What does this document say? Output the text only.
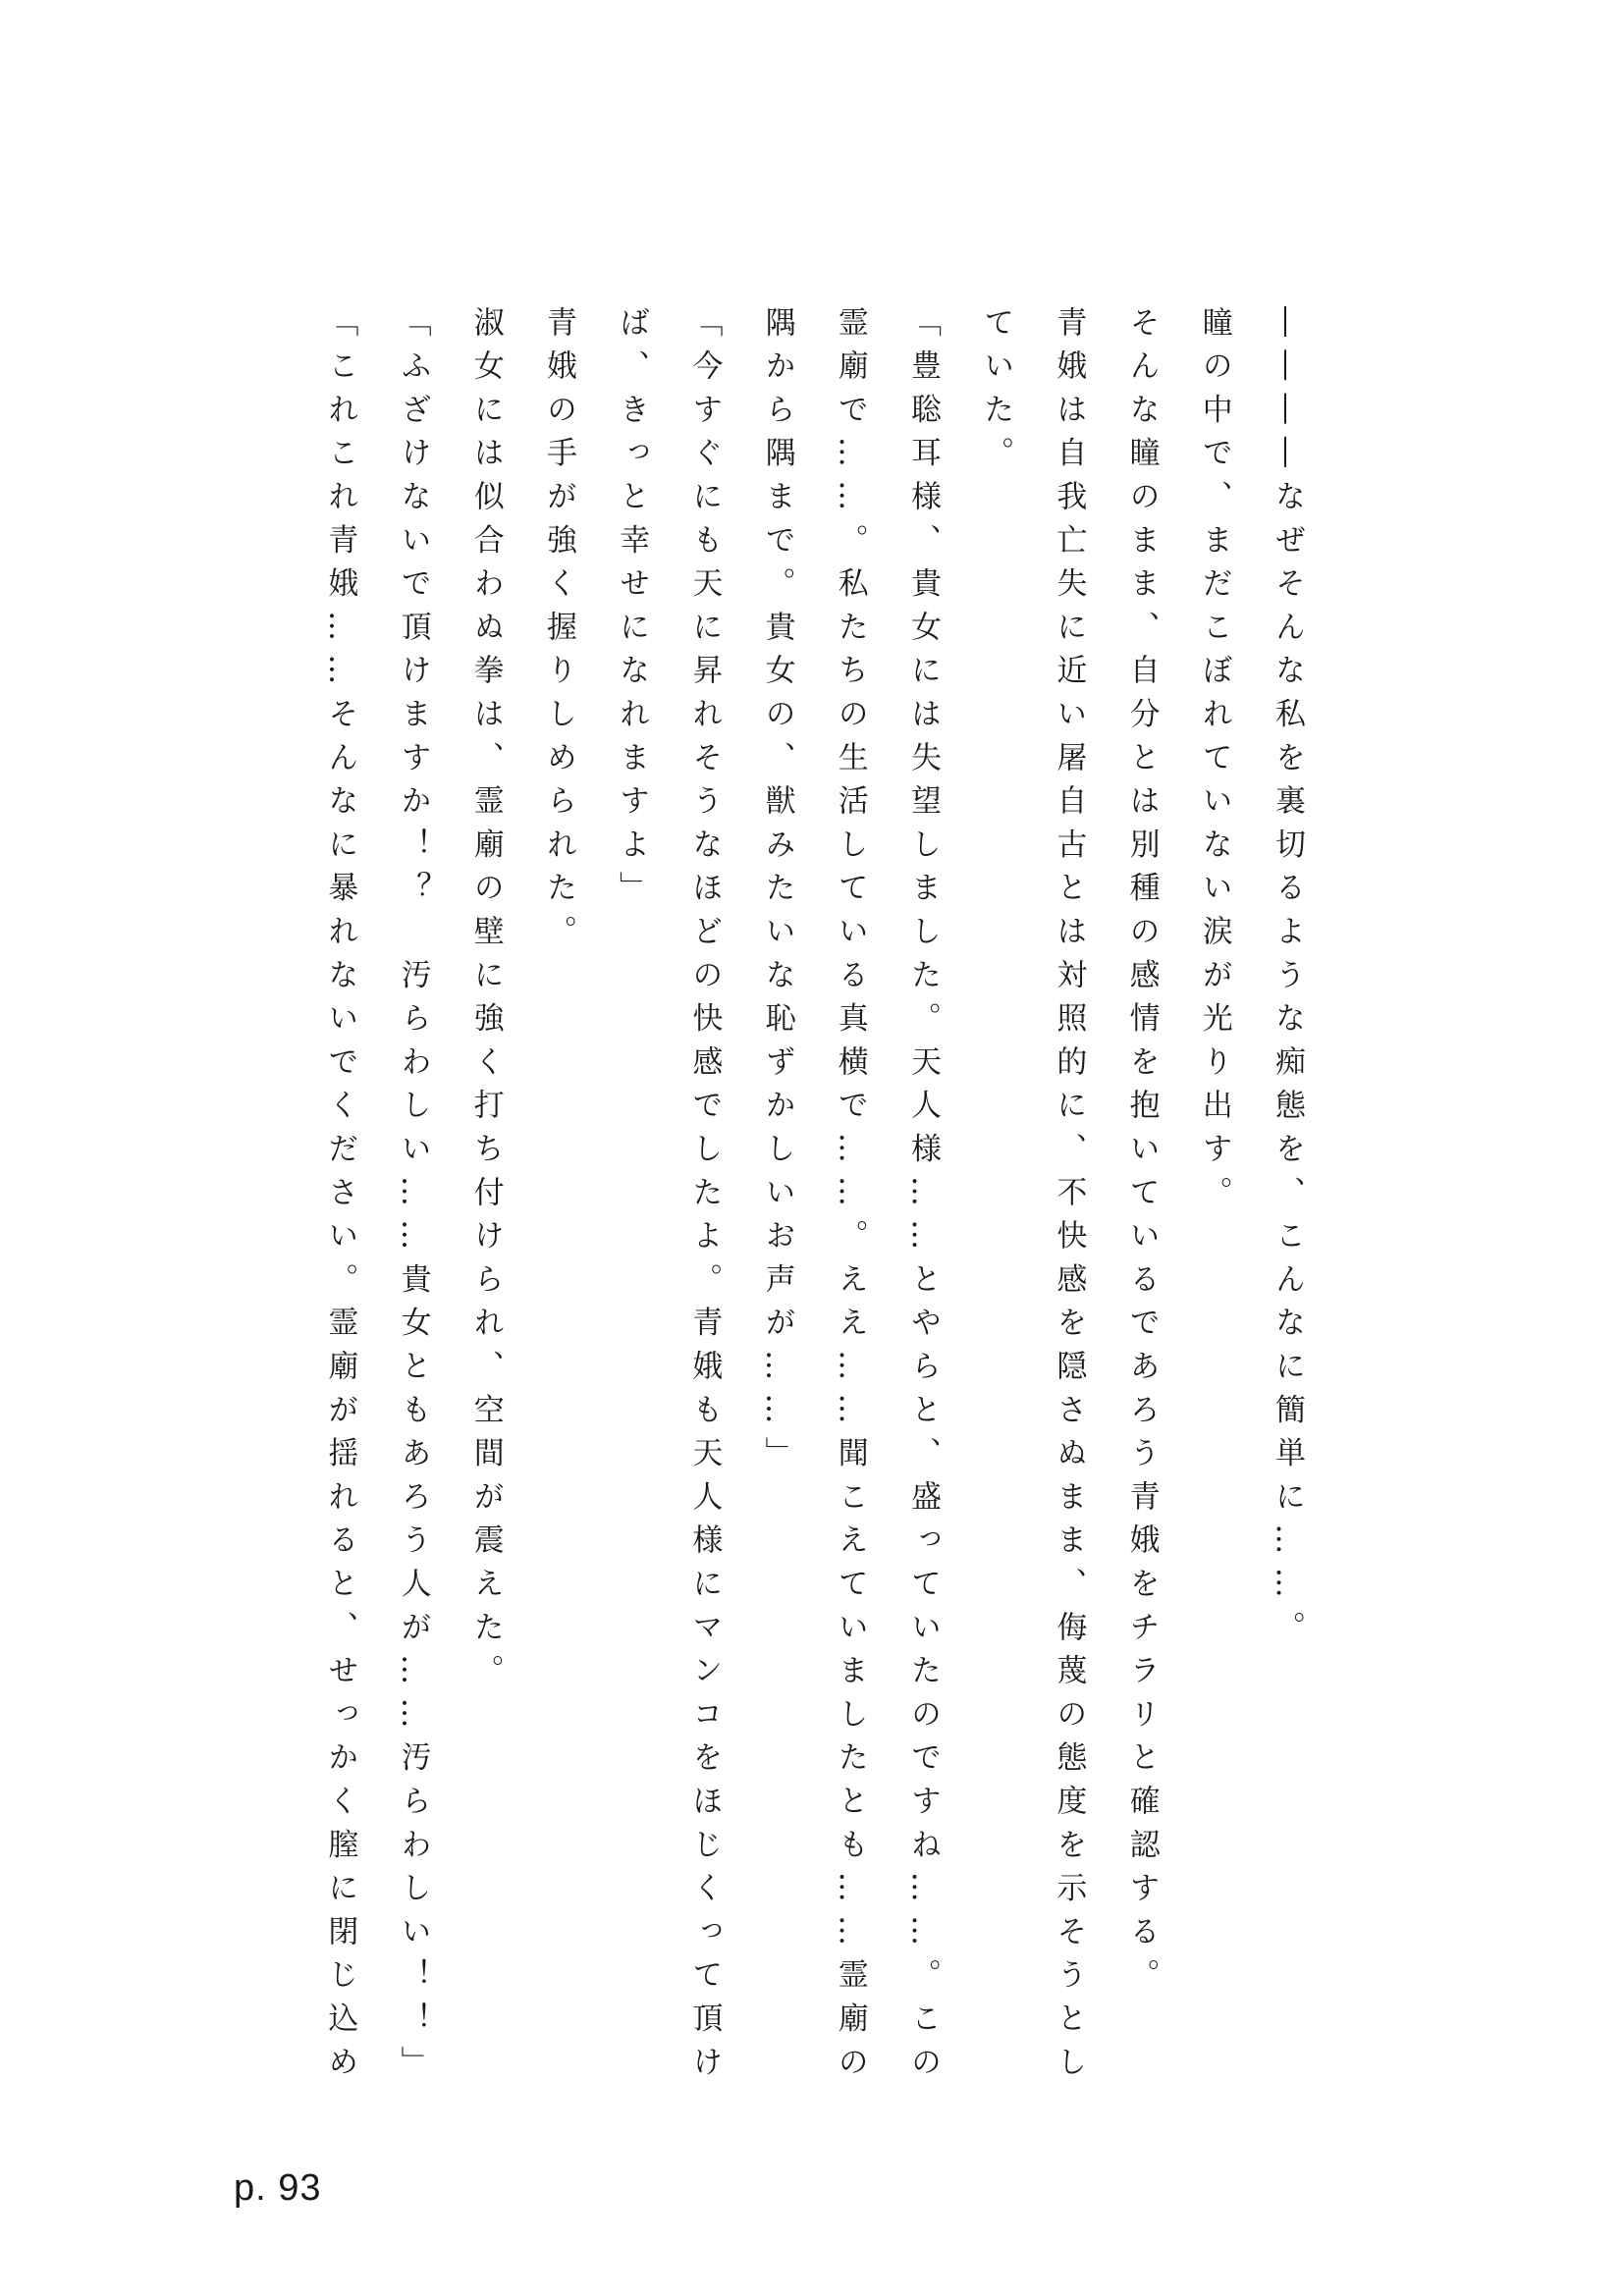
――――なぜそんな私を裏切るような痴態を、こんなに簡単に……。

瞳の中で、まだこぼれていない涙が光り出す。

そんな瞳のまま、自分とは別種の感情を抱いているであろう青娥をチラリと確認する。

青娥は自我亡失に近い屠自古とは対照的に、不快感を隠さぬまま、侮蔑の態度を示そうとしていた。

「豊聡耳様、貴女には失望しました。天人様……とやらと、盛っていたのですね……。この霊廟で……。私たちの生活している真横で……。ええ……聞こえていましたとも……霊廟の隅から隅まで。貴女の、獣みたいな恥ずかしいお声が……」

「今すぐにも天に昇れそうなほどの快感でしたよ。青娥も天人様にマンコをほじくって頂けば、きっと幸せになれますよ」

青娥の手が強く握りしめられた。

淑女には似合わぬ拳は、霊廟の壁に強く打ち付けられ、空間が震えた。

「ふざけないで頂けますか！？　汚らわしい……貴女ともあろう人が……汚らわしい！！」

「これこれ青娥……そんなに暴れないでください。霊廟が揺れると、せっかく膣に閉じ込め

p. 93
